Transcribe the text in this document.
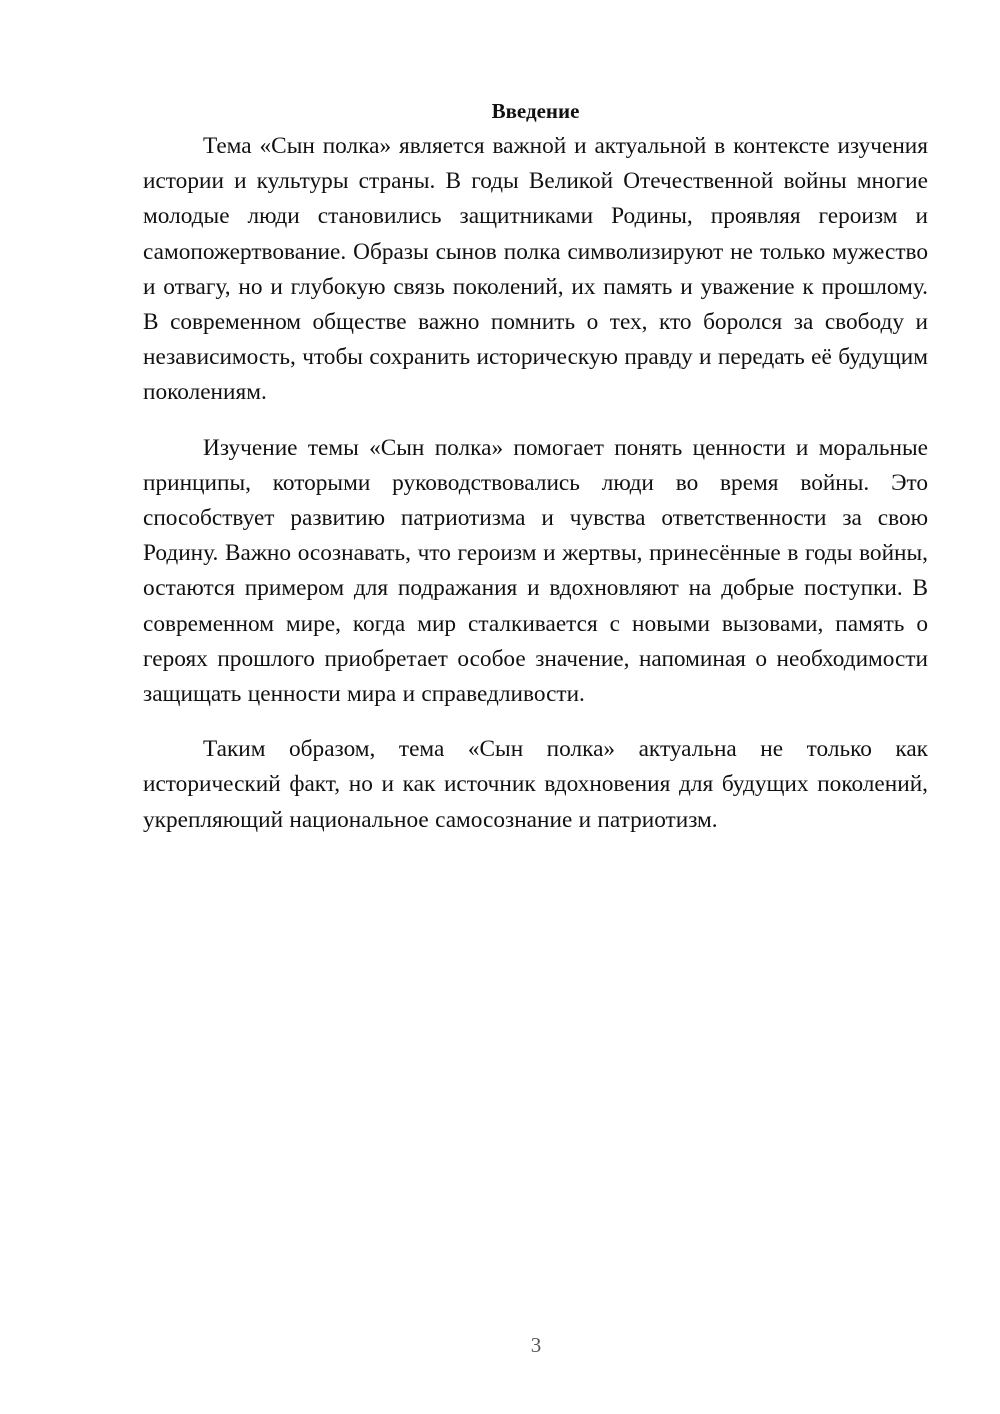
Введение

Тема «Сын полка» является важной и актуальной в контексте изучения истории и культуры страны. В годы Великой Отечественной войны многие молодые люди становились защитниками Родины, проявляя героизм и самопожертвование. Образы сынов полка символизируют не только мужество и отвагу, но и глубокую связь поколений, их память и уважение к прошлому. В современном обществе важно помнить о тех, кто боролся за свободу и независимость, чтобы сохранить историческую правду и передать её будущим поколениям.

Изучение темы «Сын полка» помогает понять ценности и моральные принципы, которыми руководствовались люди во время войны. Это способствует развитию патриотизма и чувства ответственности за свою Родину. Важно осознавать, что героизм и жертвы, принесённые в годы войны, остаются примером для подражания и вдохновляют на добрые поступки. В современном мире, когда мир сталкивается с новыми вызовами, память о героях прошлого приобретает особое значение, напоминая о необходимости защищать ценности мира и справедливости.

Таким образом, тема «Сын полка» актуальна не только как исторический факт, но и как источник вдохновения для будущих поколений, укрепляющий национальное самосознание и патриотизм.

3
